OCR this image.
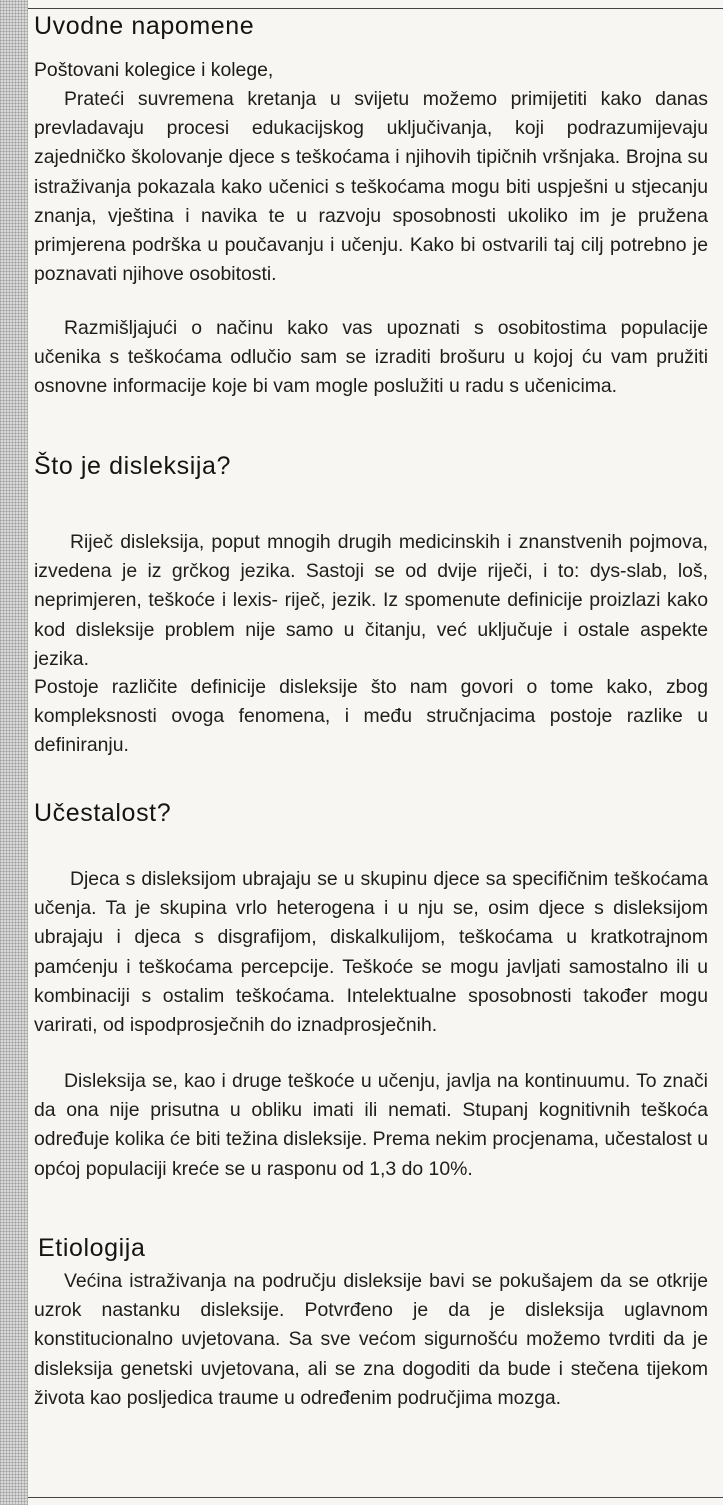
Uvodne napomene

Poštovani kolegice i kolege,

Prateći suvremena kretanja u svijetu možemo primijetiti kako danas prevladavaju procesi edukacijskog uključivanja, koji podrazumijevaju zajedničko školovanje djece s teškoćama i njihovih tipičnih vršnjaka. Brojna su istraživanja pokazala kako učenici s teškoćama mogu biti uspješni u stjecanju znanja, vještina i navika te u razvoju sposobnosti ukoliko im je pružena primjerena podrška u poučavanju i učenju. Kako bi ostvarili taj cilj potrebno je poznavati njihove osobitosti.

Razmišljajući o načinu kako vas upoznati s osobitostima populacije učenika s teškoćama odlučio sam se izraditi brošuru u kojoj ću vam pružiti osnovne informacije koje bi vam mogle poslužiti u radu s učenicima.

Što je disleksija?

Riječ disleksija, poput mnogih drugih medicinskih i znanstvenih pojmova, izvedena je iz grčkog jezika. Sastoji se od dvije riječi, i to: dys-slab, loš, neprimjeren, teškoće i lexis- riječ, jezik. Iz spomenute definicije proizlazi kako kod disleksije problem nije samo u čitanju, već uključuje i ostale aspekte jezika.

Postoje različite definicije disleksije što nam govori o tome kako, zbog kompleksnosti ovoga fenomena, i među stručnjacima postoje razlike u definiranju.

Učestalost?

Djeca s disleksijom ubrajaju se u skupinu djece sa specifičnim teškoćama učenja. Ta je skupina vrlo heterogena i u nju se, osim djece s disleksijom ubrajaju i djeca s disgrafijom, diskalkulijom, teškoćama u kratkotrajnom pamćenju i teškoćama percepcije. Teškoće se mogu javljati samostalno ili u kombinaciji s ostalim teškoćama. Intelektualne sposobnosti također mogu varirati, od ispodprosječnih do iznadprosječnih.

Disleksija se, kao i druge teškoće u učenju, javlja na kontinuumu. To znači da ona nije prisutna u obliku imati ili nemati. Stupanj kognitivnih teškoća određuje kolika će biti težina disleksije. Prema nekim procjenama, učestalost u općoj populaciji kreće se u rasponu od 1,3 do 10%.

Etiologija

Većina istraživanja na području disleksije bavi se pokušajem da se otkrije uzrok nastanku disleksije. Potvrđeno je da je disleksija uglavnom konstitucionalno uvjetovana. Sa sve većom sigurnošću možemo tvrditi da je disleksija genetski uvjetovana, ali se zna dogoditi da bude i stečena tijekom života kao posljedica traume u određenim područjima mozga.
